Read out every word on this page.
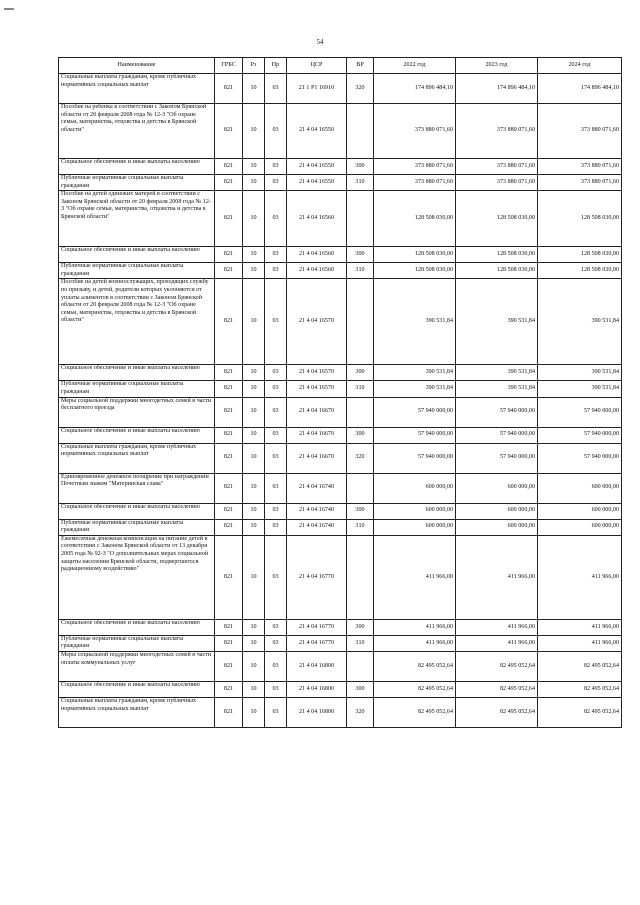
54
Наименование	ГРБС	Рз	Пр	ЦСР	ВР	2022 год	2023 год	2024 год
Социальные выплаты гражданам, кроме публичных нормативных социальных выплат	821	10	03	21 1 P1 16910	320	174 896 484,10	174 896 484,10	174 896 484,10
Пособие на ребенка в соответствии с Законом Брянской области от 20 февраля 2008 года № 12-З "Об охране семьи, материнства, отцовства и детства в Брянской области"	821	10	03	21 4 04 16550		373 880 071,60	373 880 071,60	373 880 071,60
Социальное обеспечение и иные выплаты населению	821	10	03	21 4 04 16550	300	373 880 071,60	373 880 071,60	373 880 071,60
Публичные нормативные социальные выплаты гражданам	821	10	03	21 4 04 16550	310	373 880 071,60	373 880 071,60	373 880 071,60
Пособие на детей одиноких матерей в соответствии с Законом Брянской области от 20 февраля 2008 года № 12-З "Об охране семьи, материнства, отцовства и детства в Брянской области"	821	10	03	21 4 04 16560		128 508 030,00	128 508 030,00	128 508 030,00
Социальное обеспечение и иные выплаты населению	821	10	03	21 4 04 16560	300	128 508 030,00	128 508 030,00	128 508 030,00
Публичные нормативные социальные выплаты гражданам	821	10	03	21 4 04 16560	310	128 508 030,00	128 508 030,00	128 508 030,00
Пособие на детей военнослужащих, проходящих службу по призыву, и детей, родители которых уклоняются от уплаты алиментов в соответствии с Законом Брянской области от 20 февраля 2008 года № 12-З "Об охране семьи, материнства, отцовства и детства в Брянской области"	821	10	03	21 4 04 16570		390 531,84	390 531,84	390 531,84
Социальное обеспечение и иные выплаты населению	821	10	03	21 4 04 16570	300	390 531,84	390 531,84	390 531,84
Публичные нормативные социальные выплаты гражданам	821	10	03	21 4 04 16570	310	390 531,84	390 531,84	390 531,84
Меры социальной поддержки многодетных семей в части бесплатного проезда	821	10	03	21 4 04 16670		57 940 000,00	57 940 000,00	57 940 000,00
Социальное обеспечение и иные выплаты населению	821	10	03	21 4 04 16670	300	57 940 000,00	57 940 000,00	57 940 000,00
Социальные выплаты гражданам, кроме публичных нормативных социальных выплат	821	10	03	21 4 04 16670	320	57 940 000,00	57 940 000,00	57 940 000,00
Единовременное денежное поощрение при награждении Почетным знаком "Материнская слава"	821	10	03	21 4 04 16740		600 000,00	600 000,00	600 000,00
Социальное обеспечение и иные выплаты населению	821	10	03	21 4 04 16740	300	600 000,00	600 000,00	600 000,00
Публичные нормативные социальные выплаты гражданам	821	10	03	21 4 04 16740	310	600 000,00	600 000,00	600 000,00
Ежемесячная денежная компенсация на питание детей в соответствии с Законом Брянской области от 13 декабря 2005 года № 92-З "О дополнительных мерах социальной защиты населения Брянской области, подвергшегося радиационному воздействию"	821	10	03	21 4 04 16770		411 966,00	411 966,00	411 966,00
Социальное обеспечение и иные выплаты населению	821	10	03	21 4 04 16770	300	411 966,00	411 966,00	411 966,00
Публичные нормативные социальные выплаты гражданам	821	10	03	21 4 04 16770	310	411 966,00	411 966,00	411 966,00
Меры социальной поддержки многодетных семей в части оплаты коммунальных услуг	821	10	03	21 4 04 16800		82 495 052,64	82 495 052,64	82 495 052,64
Социальное обеспечение и иные выплаты населению	821	10	03	21 4 04 16800	300	82 495 052,64	82 495 052,64	82 495 052,64
Социальные выплаты гражданам, кроме публичных нормативных социальных выплат	821	10	03	21 4 04 16800	320	82 495 052,64	82 495 052,64	82 495 052,64
